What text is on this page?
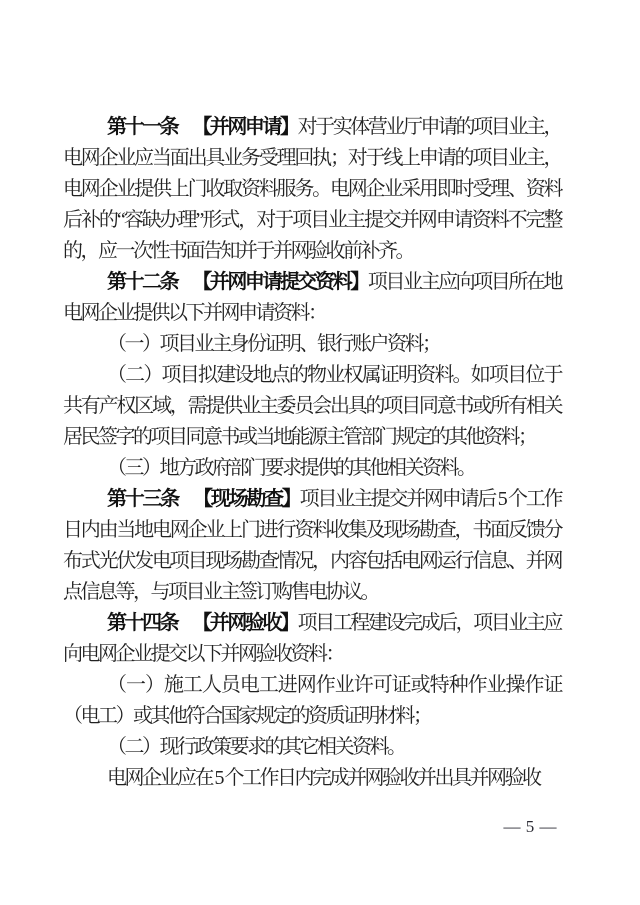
第十一条 【并网申请】对于实体营业厅申请的项目业主，电网企业应当面出具业务受理回执；对于线上申请的项目业主，电网企业提供上门收取资料服务。电网企业采用即时受理、资料后补的“容缺办理”形式，对于项目业主提交并网申请资料不完整的，应一次性书面告知并于并网验收前补齐。

第十二条 【并网申请提交资料】项目业主应向项目所在地电网企业提供以下并网申请资料：

（一）项目业主身份证明、银行账户资料；

（二）项目拟建设地点的物业权属证明资料。如项目位于共有产权区域，需提供业主委员会出具的项目同意书或所有相关居民签字的项目同意书或当地能源主管部门规定的其他资料；

（三）地方政府部门要求提供的其他相关资料。

第十三条 【现场勘查】项目业主提交并网申请后 5 个工作日内由当地电网企业上门进行资料收集及现场勘查，书面反馈分布式光伏发电项目现场勘查情况，内容包括电网运行信息、并网点信息等，与项目业主签订购售电协议。

第十四条 【并网验收】项目工程建设完成后，项目业主应向电网企业提交以下并网验收资料：

（一）施工人员电工进网作业许可证或特种作业操作证（电工）或其他符合国家规定的资质证明材料；

（二）现行政策要求的其它相关资料。

电网企业应在 5 个工作日内完成并网验收并出具并网验收

— 5 —
